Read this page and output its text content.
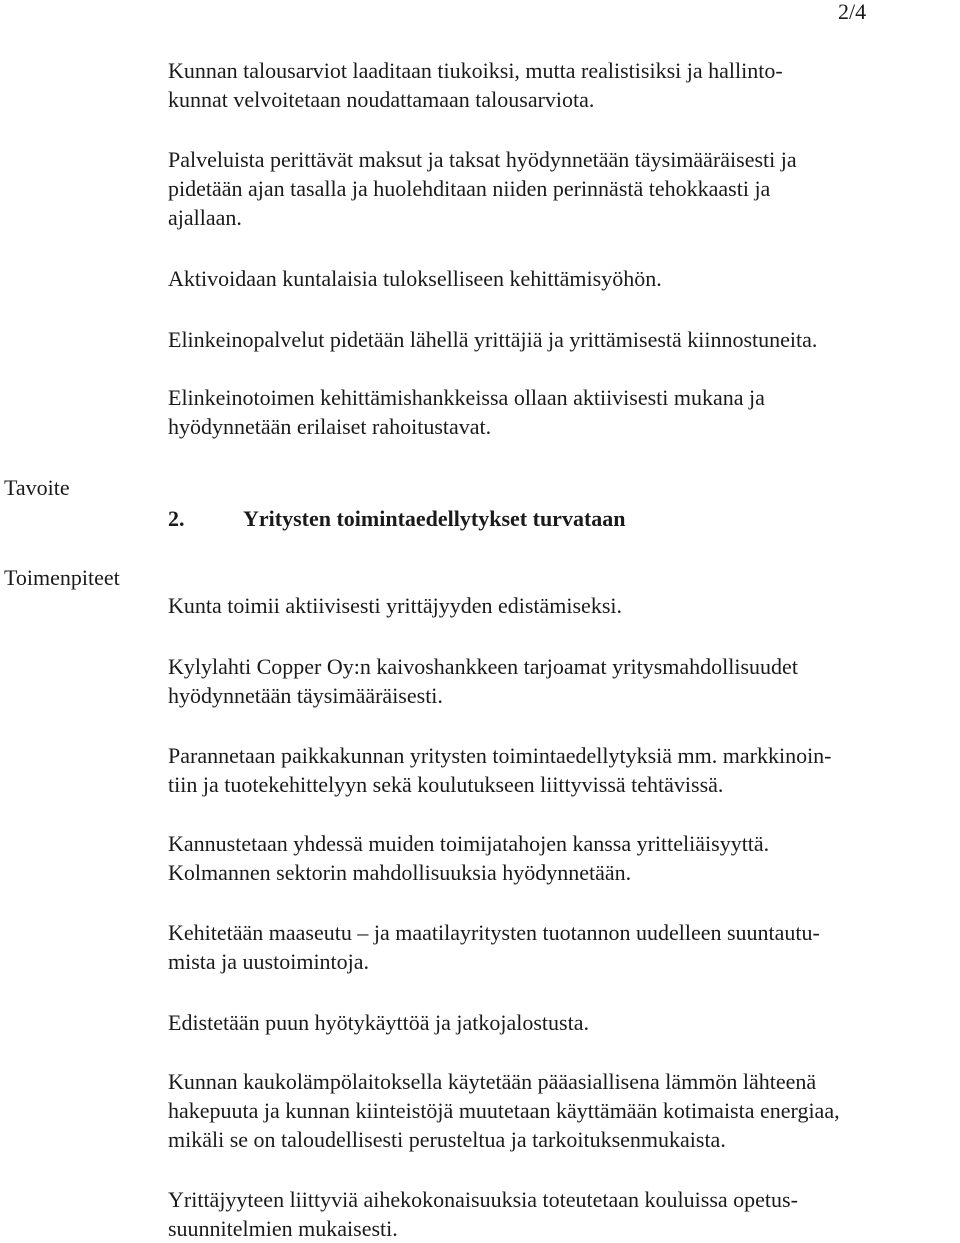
2/4
Tavoite
Toimenpiteet

Kunnan talousarviot laaditaan tiukoiksi, mutta realistisiksi ja hallinto-
kunnat velvoitetaan noudattamaan talousarviota.

Palveluista perittävät maksut ja taksat hyödynnetään täysimääräisesti ja
pidetään ajan tasalla ja huolehditaan niiden perinnästä tehokkaasti ja
ajallaan.

Aktivoidaan kuntalaisia tulokselliseen kehittämisyöhön.

Elinkeinopalvelut pidetään lähellä yrittäjiä ja yrittämisestä kiinnostuneita.

Elinkeinotoimen kehittämishankkeissa ollaan aktiivisesti mukana ja
hyödynnetään erilaiset rahoitustavat.

2.	Yritysten toimintaedellytykset turvataan

Kunta toimii aktiivisesti yrittäjyyden edistämiseksi.

Kylylahti Copper Oy:n kaivoshankkeen tarjoamat yritysmahdollisuudet
hyödynnetään täysimääräisesti.

Parannetaan paikkakunnan yritysten toimintaedellytyksiä mm. markkinoin-
tiin ja tuotekehittelyyn sekä koulutukseen liittyvissä tehtävissä.

Kannustetaan yhdessä muiden toimijatahojen kanssa yritteliäisyyttä.
Kolmannen sektorin mahdollisuuksia hyödynnetään.

Kehitetään maaseutu – ja maatilayritysten tuotannon uudelleen suuntautu-
mista ja uustoimintoja.

Edistetään puun hyötykäyttöä ja jatkojalostusta.

Kunnan kaukolämpölaitoksella käytetään pääasiallisena lämmön lähteenä
hakepuuta ja kunnan kiinteistöjä muutetaan käyttämään kotimaista energiaa,
mikäli se on taloudellisesti perusteltua ja tarkoituksenmukaista.

Yrittäjyyteen liittyviä aihekokonaisuuksia toteutetaan kouluissa opetus-
suunnitelmien mukaisesti.
